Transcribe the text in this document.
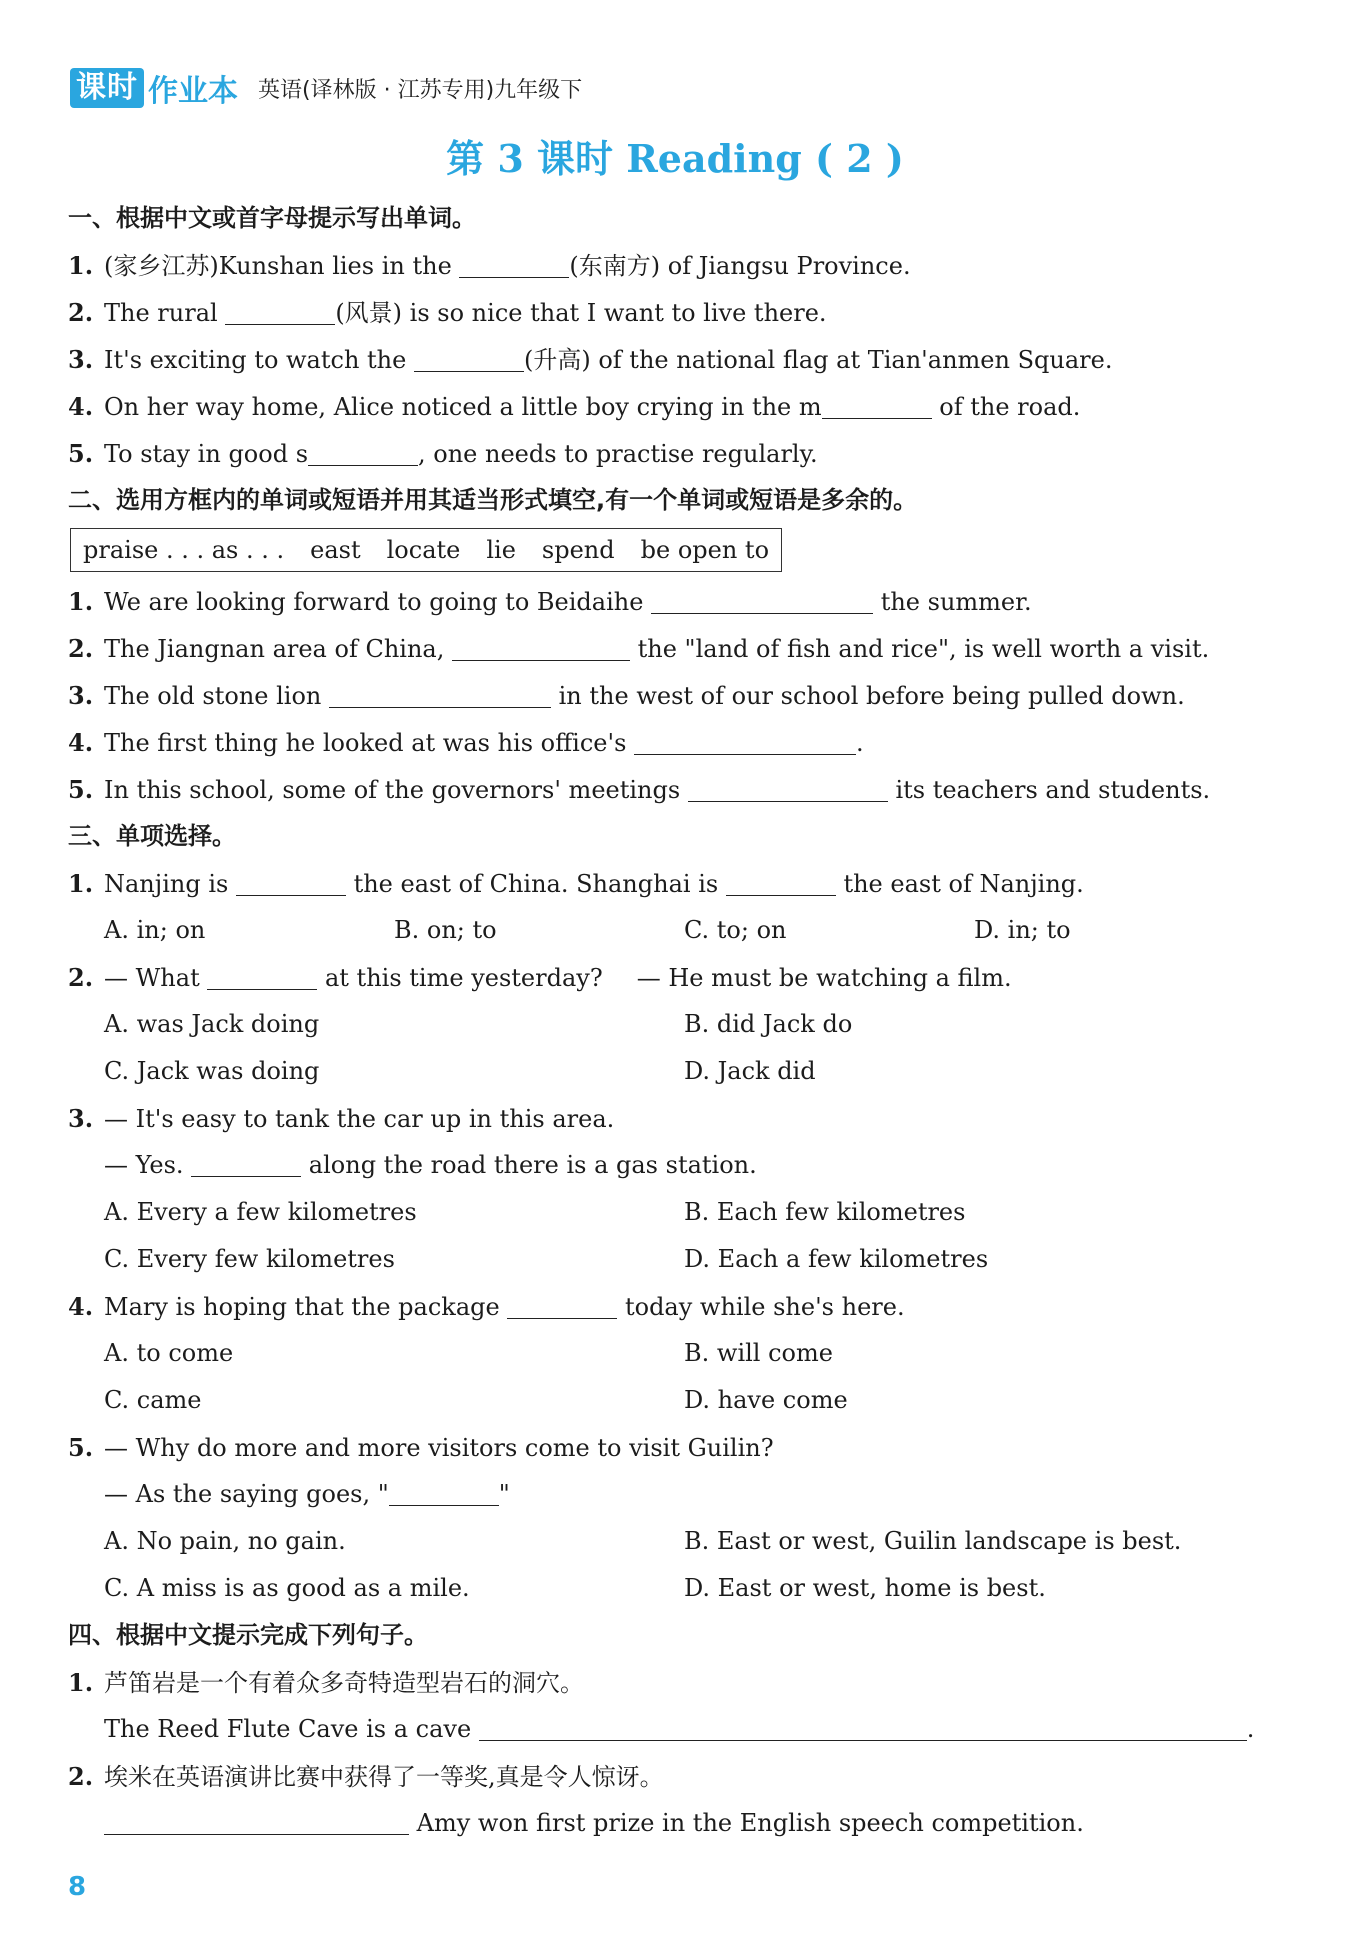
课时 作业本 英语(译林版 · 江苏专用)九年级下
第 3 课时 Reading ( 2 )
一、根据中文或首字母提示写出单词。
1. (家乡江苏)Kunshan lies in the	(东南方) of Jiangsu Province.
2. The rural	(风景) is so nice that I want to live there.
3. It's exciting to watch the	(升高) of the national flag at Tian'anmen Square.
4. On her way home, Alice noticed a little boy crying in the m	of the road.
5. To stay in good s	, one needs to practise regularly.
二、选用方框内的单词或短语并用其适当形式填空,有一个单词或短语是多余的。
praise . . . as . . . east locate lie spend be open to
1. We are looking forward to going to Beidaihe	the summer.
2. The Jiangnan area of China,	the "land of fish and rice", is well worth a visit.
3. The old stone lion	in the west of our school before being pulled down.
4. The first thing he looked at was his office's	.
5. In this school, some of the governors' meetings	its teachers and students.
三、单项选择。
1. Nanjing is	the east of China. Shanghai is	the east of Nanjing.
A. in; on	B. on; to	C. to; on	D. in; to
2. — What	at this time yesterday? — He must be watching a film.
A. was Jack doing	B. did Jack do
C. Jack was doing	D. Jack did
3. — It's easy to tank the car up in this area.
— Yes.	along the road there is a gas station.
A. Every a few kilometres	B. Each few kilometres
C. Every few kilometres	D. Each a few kilometres
4. Mary is hoping that the package	today while she's here.
A. to come	B. will come
C. came	D. have come
5. — Why do more and more visitors come to visit Guilin?
— As the saying goes, "	"
A. No pain, no gain.	B. East or west, Guilin landscape is best.
C. A miss is as good as a mile.	D. East or west, home is best.
四、根据中文提示完成下列句子。
1. 芦笛岩是一个有着众多奇特造型岩石的洞穴。
The Reed Flute Cave is a cave	.
2. 埃米在英语演讲比赛中获得了一等奖,真是令人惊讶。
Amy won first prize in the English speech competition.
8
